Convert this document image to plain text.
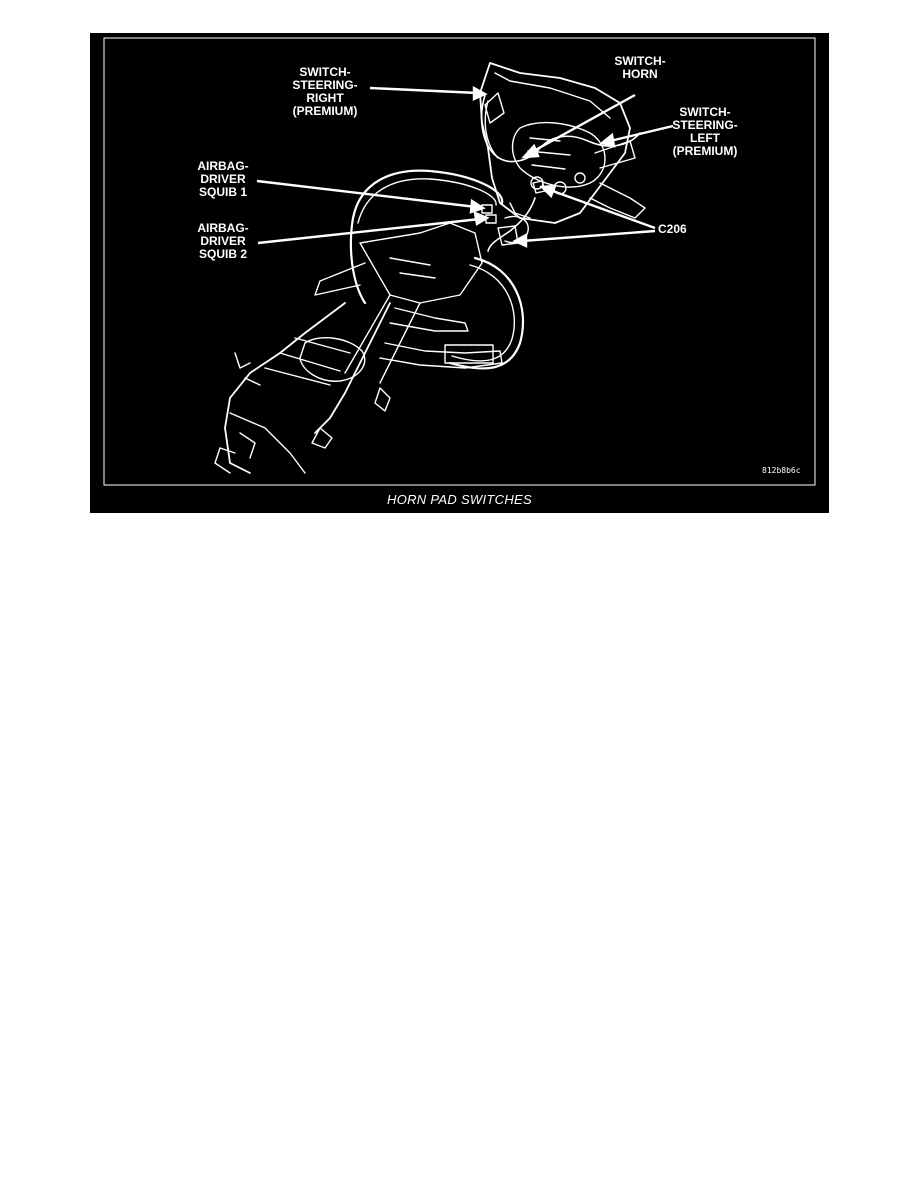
SWITCH-
STEERING-
RIGHT
(PREMIUM)
SWITCH-
HORN
SWITCH-
STEERING-
LEFT
(PREMIUM)
AIRBAG-
DRIVER
SQUIB 1
AIRBAG-
DRIVER
SQUIB 2
C206
812b8b6c
HORN PAD SWITCHES
